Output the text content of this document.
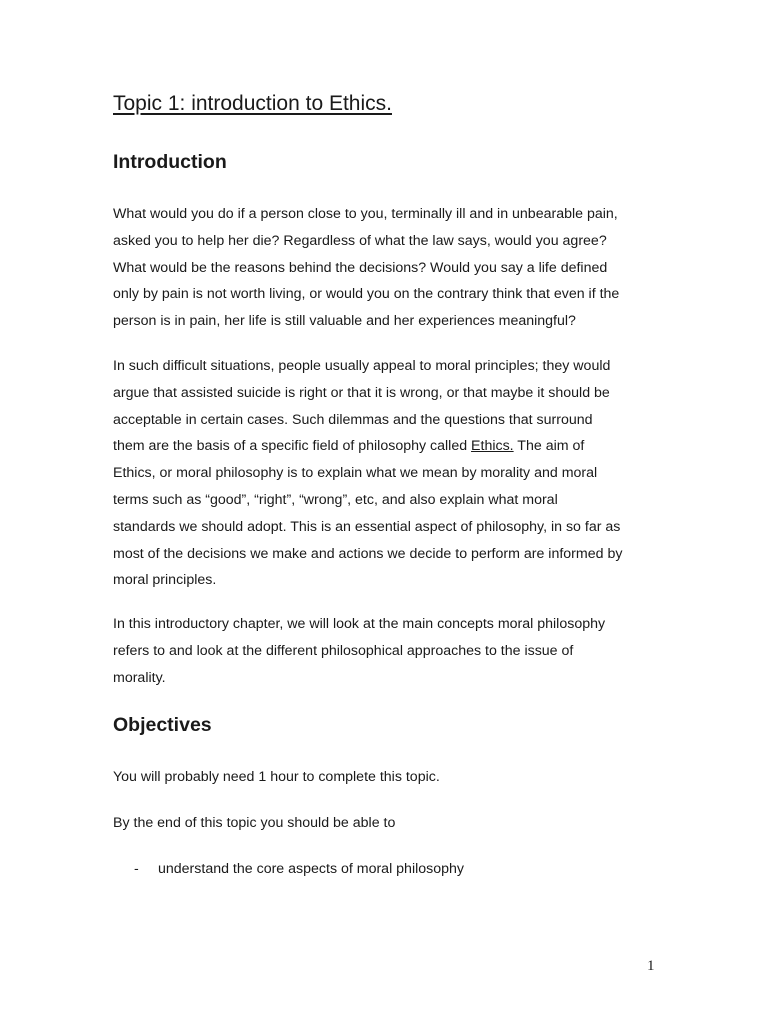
Topic 1: introduction to Ethics.
Introduction

What would you do if a person close to you, terminally ill and in unbearable pain,
asked you to help her die? Regardless of what the law says, would you agree?
What would be the reasons behind the decisions? Would you say a life defined
only by pain is not worth living, or would you on the contrary think that even if the
person is in pain, her life is still valuable and her experiences meaningful?

In such difficult situations, people usually appeal to moral principles; they would
argue that assisted suicide is right or that it is wrong, or that maybe it should be
acceptable in certain cases. Such dilemmas and the questions that surround
them are the basis of a specific field of philosophy called Ethics. The aim of
Ethics, or moral philosophy is to explain what we mean by morality and moral
terms such as “good”, “right”, “wrong”, etc, and also explain what moral
standards we should adopt. This is an essential aspect of philosophy, in so far as
most of the decisions we make and actions we decide to perform are informed by
moral principles.

In this introductory chapter, we will look at the main concepts moral philosophy
refers to and look at the different philosophical approaches to the issue of
morality.

Objectives

You will probably need 1 hour to complete this topic.

By the end of this topic you should be able to

- understand the core aspects of moral philosophy
1
